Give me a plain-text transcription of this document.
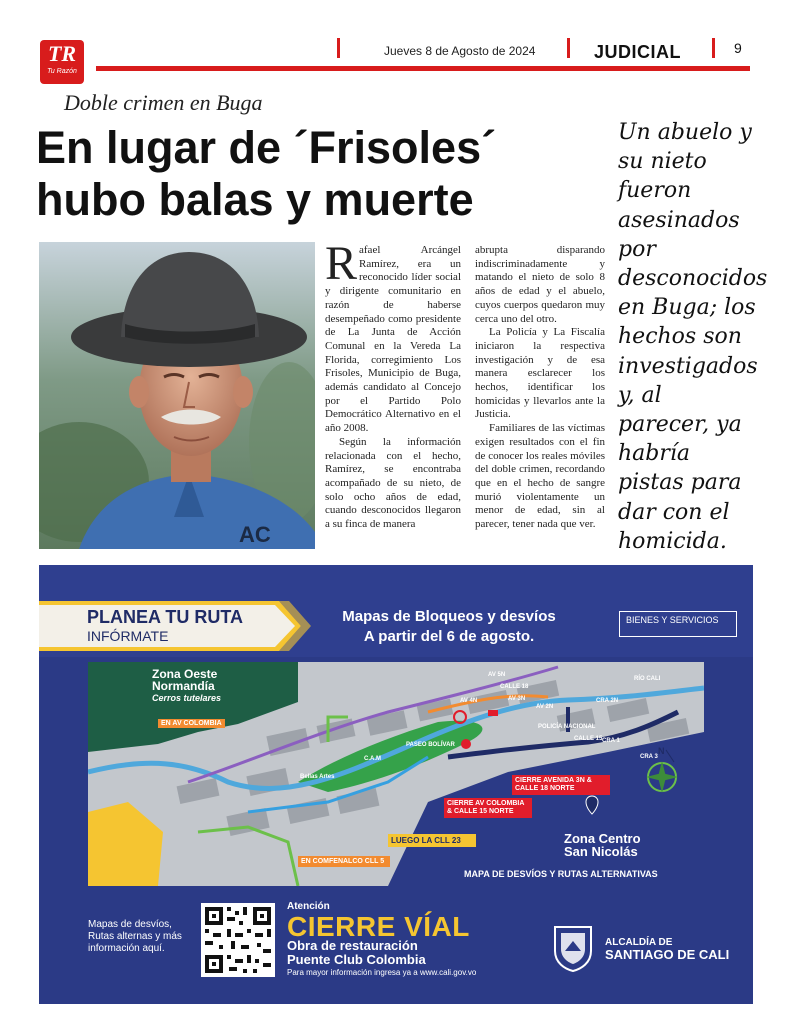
TR
Tu Razón
Jueves 8 de Agosto de 2024	JUDICIAL	9
Doble crimen en Buga
En lugar de ´Frisoles´
hubo balas y muerte
Un abuelo y su nieto fueron asesinados por desconocidos en Buga; los hechos son investigados y, al parecer, ya habría pistas para dar con el homicida.
AC

Rafael Arcángel Ramírez, era un reconocido líder social y dirigente comunitario en razón de haberse desempeñado como presidente de La Junta de Acción Comunal en la Vereda La Florida, corregimiento Los Frisoles, Municipio de Buga, además candidato al Concejo por el Partido Polo Democrático Alternativo en el año 2008.

Según la información relacionada con el hecho, Ramírez, se encontraba acompañado de su nieto, de solo ocho años de edad, cuando desconocidos llegaron a su finca de manera

abrupta disparando indiscriminadamente y matando el nieto de solo 8 años de edad y el abuelo, cuyos cuerpos quedaron muy cerca uno del otro.

La Policía y La Fiscalía iniciaron la respectiva investigación y de esa manera esclarecer los hechos, identificar los homicidas y llevarlos ante la Justicia.

Familiares de las víctimas exigen resultados con el fin de conocer los reales móviles del doble crimen, recordando que en el hecho de sangre murió violentamente un menor de edad, sin al parecer, tener nada que ver.

PLANEA TU RUTA
INFÓRMATE
Mapas de Bloqueos y desvíos
A partir del 6 de agosto.
BIENES Y SERVICIOS
Zona Oeste
Normandía
Cerros tutelares
EN AV COLOMBIA
CIERRE AVENIDA 3N & CALLE 18 NORTE
CIERRE AV COLOMBIA & CALLE 15 NORTE
LUEGO LA CLL 23
EN COMFENALCO CLL 5
PASEO BOLÍVAR
POLICÍA NACIONAL
Bellas Artes
C.A.M
RÍO CALI
AV 4N
AV 5N
AV 2N
AV 3N
CRA 1
CRA 2N
CRA 3
CALLE 18
CALLE 15
N
Zona Centro
San Nicolás
MAPA DE DESVÍOS Y RUTAS ALTERNATIVAS
Mapas de desvíos, Rutas alternas y más información aquí.
Atención
CIERRE VÍAL
Obra de restauración
Puente Club Colombia
Para mayor información ingresa ya a www.cali.gov.vo
ALCALDÍA DE
SANTIAGO DE CALI
